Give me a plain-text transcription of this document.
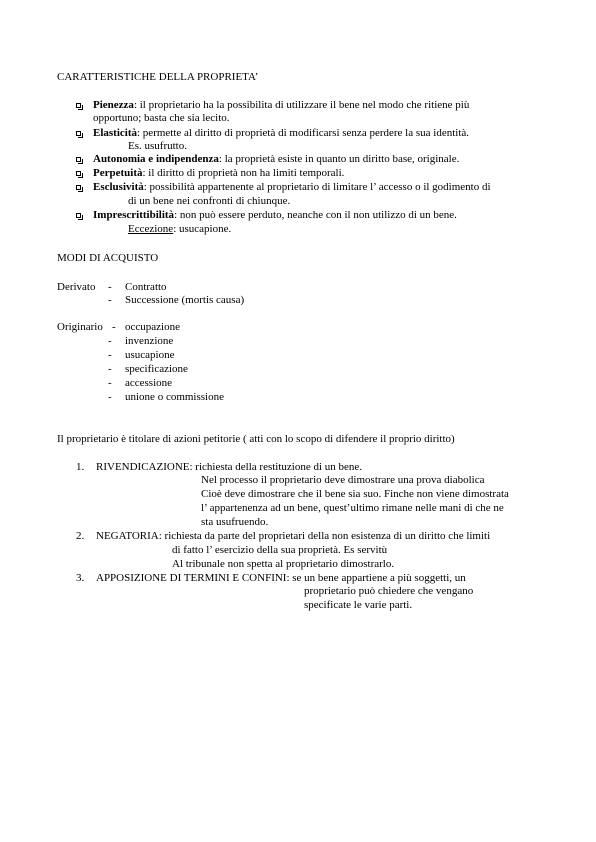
CARATTERISTICHE DELLA PROPRIETA’
Pienezza: il proprietario ha la possibilita di utilizzare il bene nel modo che ritiene più
opportuno; basta che sia lecito.
Elasticità: permette al diritto di proprietà di modificarsi senza perdere la sua identità.
Es. usufrutto.
Autonomia e indipendenza: la proprietà esiste in quanto un diritto base, originale.
Perpetuità: il diritto di proprietà non ha limiti temporali.
Esclusività: possibilità appartenente al proprietario di limitare l’ accesso o il godimento di
di un bene nei confronti di chiunque.
Imprescrittibilità: non può essere perduto, neanche con il non utilizzo di un bene.
Eccezione: usucapione.
MODI DI ACQUISTO
Derivato - Contratto
- Successione (mortis causa)
Originario - occupazione
- invenzione
- usucapione
- specificazione
- accessione
- unione o commissione
Il proprietario è titolare di azioni petitorie ( atti con lo scopo di difendere il proprio diritto)
1. RIVENDICAZIONE: richiesta della restituzione di un bene.
Nel processo il proprietario deve dimostrare una prova diabolica
Cioè deve dimostrare che il bene sia suo. Finche non viene dimostrata
l’ appartenenza ad un bene, quest’ultimo rimane nelle mani di che ne
sta usufruendo.
2. NEGATORIA: richiesta da parte del proprietari della non esistenza di un diritto che limiti
di fatto l’ esercizio della sua proprietà. Es servitù
Al tribunale non spetta al proprietario dimostrarlo.
3. APPOSIZIONE DI TERMINI E CONFINI: se un bene appartiene a più soggetti, un
proprietario può chiedere che vengano
specificate le varie parti.
